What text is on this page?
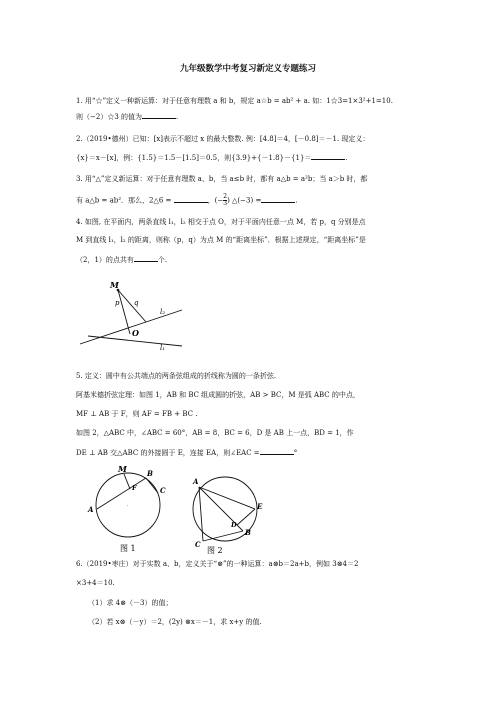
九年级数学中考复习新定义专题练习
1. 用“☆”定义一种新运算：对于任意有理数 a 和 b，规定 a☆b = ab² + a. 如：1☆3=1×3²+1=10.
则（−2）☆3 的值为	.
2.（2019•德州）已知：[x]表示不超过 x 的最大整数. 例：[4.8]＝4，[－0.8]＝－1. 现定义：
{x}＝x－[x]，例：{1.5}＝1.5－[1.5]＝0.5，则{3.9}+{－1.8}－{1}＝	.
3. 用“△”定义新运算：对于任意有理数 a、b，当 a≤b 时，都有 a△b = a²b；当 a＞b 时，都
有 a△b = ab²．那么，2△6 =	，(− $\frac{2}{3}$ ) △(−3) =	.
4. 如图, 在平面内，两条直线 l₁，l₂ 相交于点 O，对于平面内任意一点 M，若 p，q 分别是点
M 到直线 l₁，l₂ 的距离，则称（p，q）为点 M 的“距离坐标”．根据上述规定，“距离坐标”是
（2，1）的点共有	个.
M
p q
l₂
O
l₁
5. 定义：圆中有公共端点的两条弦组成的折线称为圆的一条折弦.
阿基米德折弦定理：如图 1，AB 和 BC 组成圆的折弦，AB > BC，M 是弧 ABC 的中点，
MF ⊥ AB 于 F，则 AF = FB + BC .
如图 2，△ABC 中，∠ABC = 60°，AB = 8，BC = 6，D 是 AB 上一点，BD = 1，作
DE ⊥ AB 交△ABC 的外接圆于 E，连接 EA，则∠EAC =	°
M
F
B
C
A	·
图 1
A
E
D
B
C
·
图 2
6.（2019•枣庄）对于实数 a、b，定义关于“⊗”的一种运算：a⊗b＝2a+b，例如 3⊗4＝2
×3+4＝10.
（1）求 4⊗（－3）的值；
（2）若 x⊗（－y）＝2，(2y) ⊗x＝－1，求 x+y 的值.
